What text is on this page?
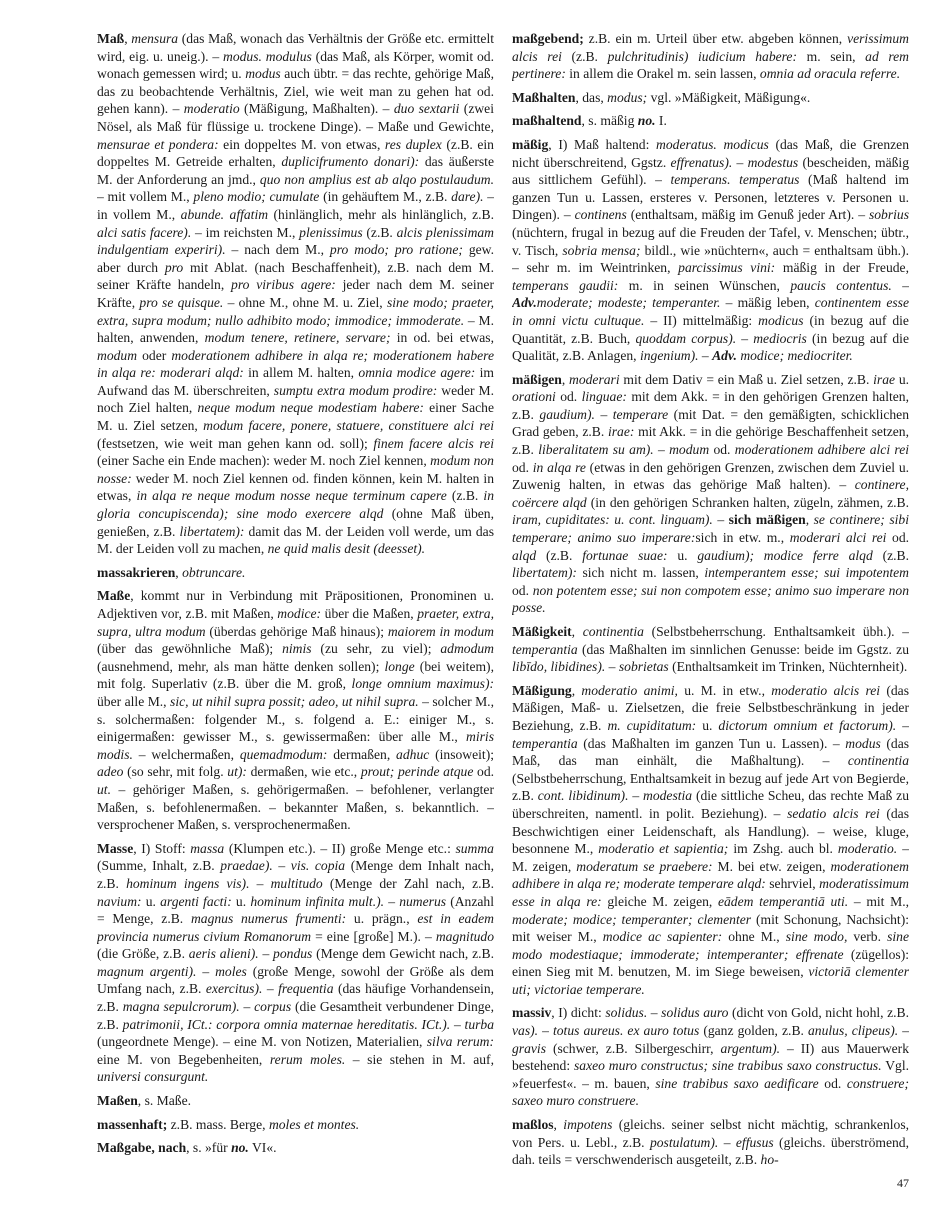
Maß, mensura (das Maß, wonach das Verhältnis der Größe etc. ermittelt wird, eig. u. uneig.). – modus. modulus (das Maß, als Körper, womit od. wonach gemessen wird; u. modus auch übtr. = das rechte, gehörige Maß, das zu beobachtende Verhältnis, Ziel, wie weit man zu gehen hat od. gehen kann). – moderatio (Mäßigung, Maßhalten). – duo sextarii (zwei Nösel, als Maß für flüssige u. trockene Dinge). – Maße und Gewichte, mensurae et pondera: ein doppeltes M. von etwas, res duplex (z.B. ein doppeltes M. Getreide erhalten, duplicifrumento donari): das äußerste M. der Anforderung an jmd., quo non amplius est ab alqo postulaudum. – mit vollem M., pleno modio; cumulate (in gehäuftem M., z.B. dare). – in vollem M., abunde. affatim (hinlänglich, mehr als hinlänglich, z.B. alci satis facere). – im reichsten M., plenissimus (z.B. alcis plenissimam indulgentiam experiri). – nach dem M., pro modo; pro ratione; gew. aber durch pro mit Ablat. (nach Beschaffenheit), z.B. nach dem M. seiner Kräfte handeln, pro viribus agere: jeder nach dem M. seiner Kräfte, pro se quisque. – ohne M., ohne M. u. Ziel, sine modo; praeter, extra, supra modum; nullo adhibito modo; immodice; immoderate. – M. halten, anwenden, modum tenere, retinere, servare; in od. bei etwas, modum oder moderationem adhibere in alqa re; moderationem habere in alqa re: moderari alqd: in allem M. halten, omnia modice agere: im Aufwand das M. überschreiten, sumptu extra modum prodire: weder M. noch Ziel halten, neque modum neque modestiam habere: einer Sache M. u. Ziel setzen, modum facere, ponere, statuere, constituere alci rei (festsetzen, wie weit man gehen kann od. soll); finem facere alcis rei (einer Sache ein Ende machen): weder M. noch Ziel kennen, modum non nosse: weder M. noch Ziel kennen od. finden können, kein M. halten in etwas, in alqa re neque modum nosse neque terminum capere (z.B. in gloria concupiscenda); sine modo exercere alqd (ohne Maß üben, genießen, z.B. libertatem): damit das M. der Leiden voll werde, um das M. der Leiden voll zu machen, ne quid malis desit (deesset).

massakrieren, obtruncare.

Maße, kommt nur in Verbindung mit Präpositionen, Pronominen u. Adjektiven vor, z.B. mit Maßen, modice: über die Maßen, praeter, extra, supra, ultra modum (überdas gehörige Maß hinaus); maiorem in modum (über das gewöhnliche Maß); nimis (zu sehr, zu viel); admodum (ausnehmend, mehr, als man hätte denken sollen); longe (bei weitem), mit folg. Superlativ (z.B. über die M. groß, longe omnium maximus): über alle M., sic, ut nihil supra possit; adeo, ut nihil supra. – solcher M., s. solchermaßen: folgender M., s. folgend a. E.: einiger M., s. einigermaßen: gewisser M., s. gewissermaßen: über alle M., miris modis. – welchermaßen, quemadmodum: dermaßen, adhuc (insoweit); adeo (so sehr, mit folg. ut): dermaßen, wie etc., prout; perinde atque od. ut. – gehöriger Maßen, s. gehörigermaßen. – befohlener, verlangter Maßen, s. befohlenermaßen. – bekannter Maßen, s. bekanntlich. – versprochener Maßen, s. versprochenermaßen.

Masse, I) Stoff: massa (Klumpen etc.). – II) große Menge etc.: summa (Summe, Inhalt, z.B. praedae). – vis. copia (Menge dem Inhalt nach, z.B. hominum ingens vis). – multitudo (Menge der Zahl nach, z.B. navium: u. argenti facti: u. hominum infinita mult.). – numerus (Anzahl = Menge, z.B. magnus numerus frumenti: u. prägn., est in eadem provincia numerus civium Romanorum = eine [große] M.). – magnitudo (die Größe, z.B. aeris alieni). – pondus (Menge dem Gewicht nach, z.B. magnum argenti). – moles (große Menge, sowohl der Größe als dem Umfang nach, z.B. exercitus). – frequentia (das häufige Vorhandensein, z.B. magna sepulcrorum). – corpus (die Gesamtheit verbundener Dinge, z.B. patrimonii, ICt.: corpora omnia maternae hereditatis. ICt.). – turba (ungeordnete Menge). – eine M. von Notizen, Materialien, silva rerum: eine M. von Begebenheiten, rerum moles. – sie stehen in M. auf, universi consurgunt.

Maßen, s. Maße.

massenhaft; z.B. mass. Berge, moles et montes.

Maßgabe, nach, s. »für no. VI«.

maßgebend; z.B. ein m. Urteil über etw. abgeben können, verissimum alcis rei (z.B. pulchritudinis) iudicium habere: m. sein, ad rem pertinere: in allem die Orakel m. sein lassen, omnia ad oracula referre.

Maßhalten, das, modus; vgl. »Mäßigkeit, Mäßigung«.

maßhaltend, s. mäßig no. I.

mäßig, I) Maß haltend: moderatus. modicus (das Maß, die Grenzen nicht überschreitend, Ggstz. effrenatus). – modestus (bescheiden, mäßig aus sittlichem Gefühl). – temperans. temperatus (Maß haltend im ganzen Tun u. Lassen, ersteres v. Personen, letzteres v. Personen u. Dingen). – continens (enthaltsam, mäßig im Genuß jeder Art). – sobrius (nüchtern, frugal in bezug auf die Freuden der Tafel, v. Menschen; übtr., v. Tisch, sobria mensa; bildl., wie »nüchtern«, auch = enthaltsam übh.). – sehr m. im Weintrinken, parcissimus vini: mäßig in der Freude, temperans gaudii: m. in seinen Wünschen, paucis contentus. – Adv.moderate; modeste; temperanter. – mäßig leben, continentem esse in omni victu cultuque. – II) mittelmäßig: modicus (in bezug auf die Quantität, z.B. Buch, quoddam corpus). – mediocris (in bezug auf die Qualität, z.B. Anlagen, ingenium). – Adv. modice; mediocriter.

mäßigen, moderari mit dem Dativ = ein Maß u. Ziel setzen, z.B. irae u. orationi od. linguae: mit dem Akk. = in den gehörigen Grenzen halten, z.B. gaudium). – temperare (mit Dat. = den gemäßigten, schicklichen Grad geben, z.B. irae: mit Akk. = in die gehörige Beschaffenheit setzen, z.B. liberalitatem su am). – modum od. moderationem adhibere alci rei od. in alqa re (etwas in den gehörigen Grenzen, zwischen dem Zuviel u. Zuwenig halten, in etwas das gehörige Maß halten). – continere, coërcere alqd (in den gehörigen Schranken halten, zügeln, zähmen, z.B. iram, cupiditates: u. cont. linguam). – sich mäßigen, se continere; sibi temperare; animo suo imperare:sich in etw. m., moderari alci rei od. alqd (z.B. fortunae suae: u. gaudium); modice ferre alqd (z.B. libertatem): sich nicht m. lassen, intemperantem esse; sui impotentem od. non potentem esse; sui non compotem esse; animo suo imperare non posse.

Mäßigkeit, continentia (Selbstbeherrschung. Enthaltsamkeit übh.). – temperantia (das Maßhalten im sinnlichen Genusse: beide im Ggstz. zu libīdo, libidines). – sobrietas (Enthaltsamkeit im Trinken, Nüchternheit).

Mäßigung, moderatio animi, u. M. in etw., moderatio alcis rei (das Mäßigen, Maß- u. Zielsetzen, die freie Selbstbeschränkung in jeder Beziehung, z.B. m. cupiditatum: u. dictorum omnium et factorum). – temperantia (das Maßhalten im ganzen Tun u. Lassen). – modus (das Maß, das man einhält, die Maßhaltung). – continentia (Selbstbeherrschung, Enthaltsamkeit in bezug auf jede Art von Begierde, z.B. cont. libidinum). – modestia (die sittliche Scheu, das rechte Maß zu überschreiten, namentl. in polit. Beziehung). – sedatio alcis rei (das Beschwichtigen einer Leidenschaft, als Handlung). – weise, kluge, besonnene M., moderatio et sapientia; im Zshg. auch bl. moderatio. – M. zeigen, moderatum se praebere: M. bei etw. zeigen, moderationem adhibere in alqa re; moderate temperare alqd: sehrviel, moderatissimum esse in alqa re: gleiche M. zeigen, eādem temperantiā uti. – mit M., moderate; modice; temperanter; clementer (mit Schonung, Nachsicht): mit weiser M., modice ac sapienter: ohne M., sine modo, verb. sine modo modestiaque; immoderate; intemperanter; effrenate (zügellos): einen Sieg mit M. benutzen, M. im Siege beweisen, victoriā clementer uti; victoriae temperare.

massiv, I) dicht: solidus. – solidus auro (dicht von Gold, nicht hohl, z.B. vas). – totus aureus. ex auro totus (ganz golden, z.B. anulus, clipeus). – gravis (schwer, z.B. Silbergeschirr, argentum). – II) aus Mauerwerk bestehend: saxeo muro constructus; sine trabibus saxo constructus. Vgl. »feuerfest«. – m. bauen, sine trabibus saxo aedificare od. construere; saxeo muro construere.

maßlos, impotens (gleichs. seiner selbst nicht mächtig, schrankenlos, von Pers. u. Lebl., z.B. postulatum). – effusus (gleichs. überströmend, dah. teils = verschwenderisch ausgeteilt, z.B. ho-

47
